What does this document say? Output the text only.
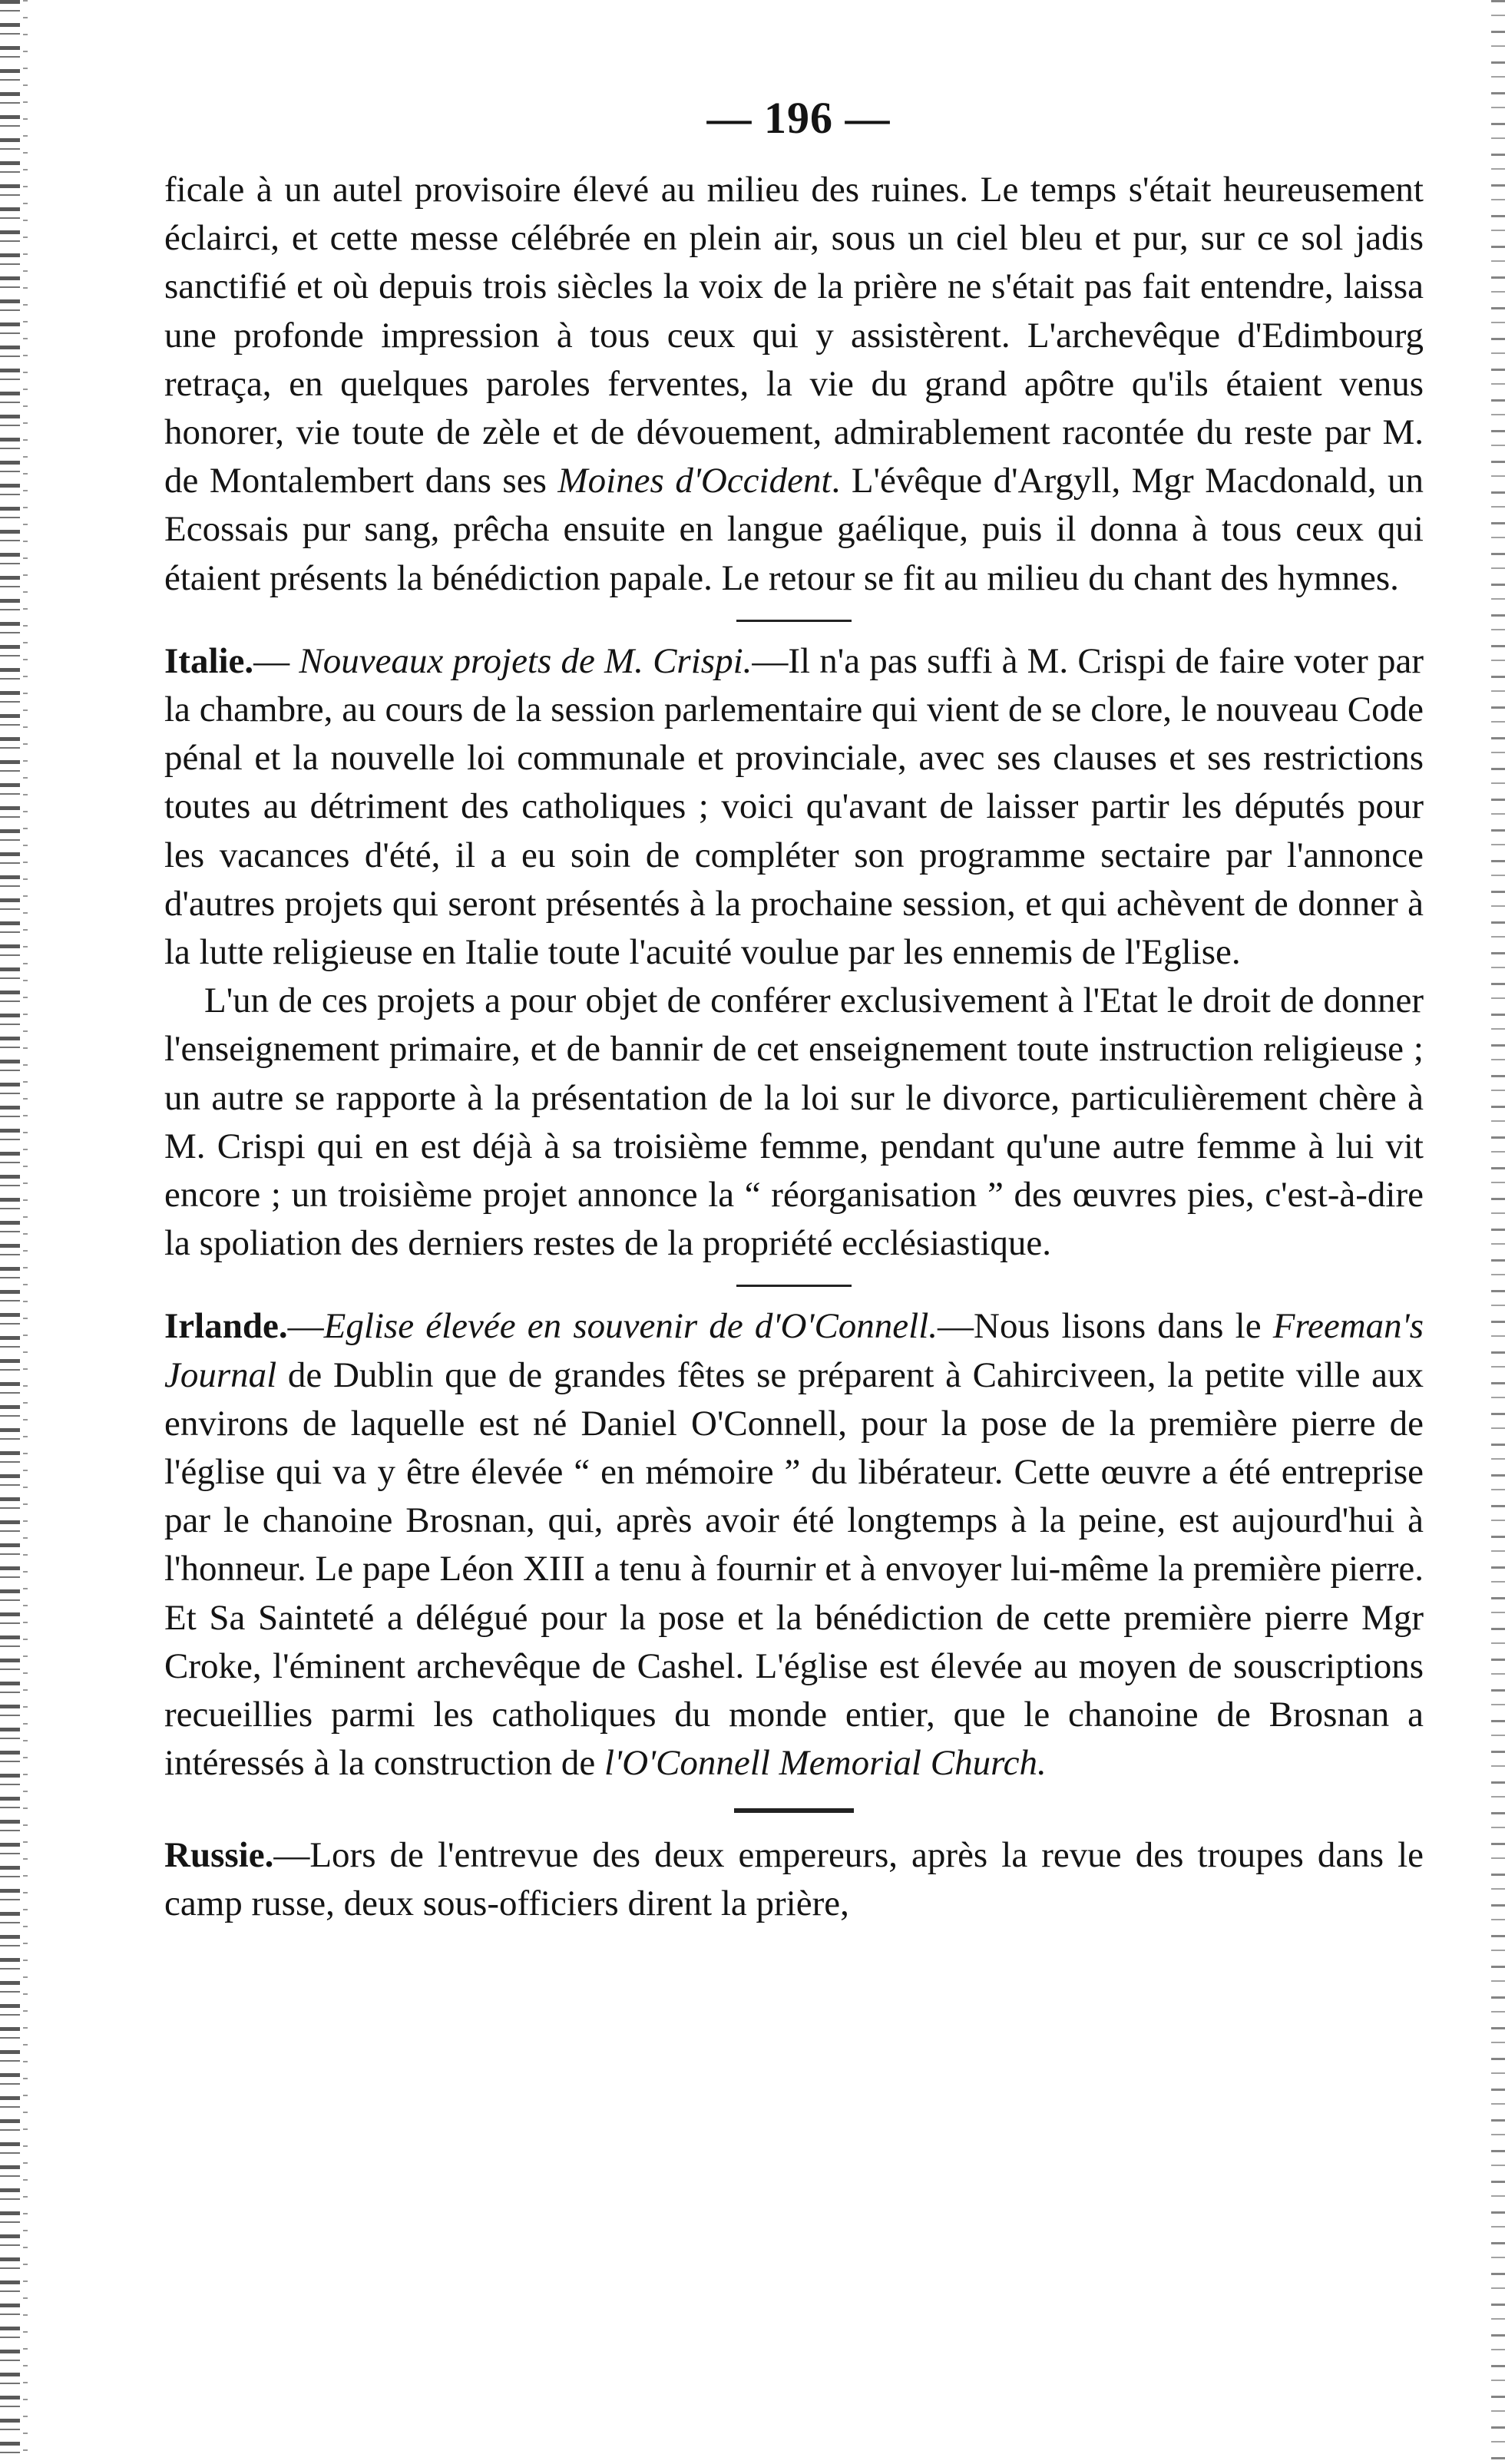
— 196 —

ficale à un autel provisoire élevé au milieu des ruines. Le temps s'était heureusement éclairci, et cette messe célébrée en plein air, sous un ciel bleu et pur, sur ce sol jadis sanctifié et où depuis trois siècles la voix de la prière ne s'était pas fait entendre, laissa une profonde impression à tous ceux qui y assistèrent. L'archevêque d'Edimbourg retraça, en quelques paroles ferventes, la vie du grand apôtre qu'ils étaient venus honorer, vie toute de zèle et de dévouement, admirablement racontée du reste par M. de Montalembert dans ses Moines d'Occident. L'évêque d'Argyll, Mgr Macdonald, un Ecossais pur sang, prêcha ensuite en langue gaélique, puis il donna à tous ceux qui étaient présents la bénédiction papale. Le retour se fit au milieu du chant des hymnes.

Italie.— Nouveaux projets de M. Crispi.—Il n'a pas suffi à M. Crispi de faire voter par la chambre, au cours de la session parlementaire qui vient de se clore, le nouveau Code pénal et la nouvelle loi communale et provinciale, avec ses clauses et ses restrictions toutes au détriment des catholiques ; voici qu'avant de laisser partir les députés pour les vacances d'été, il a eu soin de compléter son programme sectaire par l'annonce d'autres projets qui seront présentés à la prochaine session, et qui achèvent de donner à la lutte religieuse en Italie toute l'acuité voulue par les ennemis de l'Eglise.

L'un de ces projets a pour objet de conférer exclusivement à l'Etat le droit de donner l'enseignement primaire, et de bannir de cet enseignement toute instruction religieuse ; un autre se rapporte à la présentation de la loi sur le divorce, particulièrement chère à M. Crispi qui en est déjà à sa troisième femme, pendant qu'une autre femme à lui vit encore ; un troisième projet annonce la “ réorganisation ” des œuvres pies, c'est-à-dire la spoliation des derniers restes de la propriété ecclésiastique.

Irlande.—Eglise élevée en souvenir de d'O'Connell.—Nous lisons dans le Freeman's Journal de Dublin que de grandes fêtes se préparent à Cahirciveen, la petite ville aux environs de laquelle est né Daniel O'Connell, pour la pose de la première pierre de l'église qui va y être élevée “ en mémoire ” du libérateur. Cette œuvre a été entreprise par le chanoine Brosnan, qui, après avoir été longtemps à la peine, est aujourd'hui à l'honneur. Le pape Léon XIII a tenu à fournir et à envoyer lui-même la première pierre. Et Sa Sainteté a délégué pour la pose et la bénédiction de cette première pierre Mgr Croke, l'éminent archevêque de Cashel. L'église est élevée au moyen de souscriptions recueillies parmi les catholiques du monde entier, que le chanoine de Brosnan a intéressés à la construction de l'O'Connell Memorial Church.

Russie.—Lors de l'entrevue des deux empereurs, après la revue des troupes dans le camp russe, deux sous-officiers dirent la prière,
